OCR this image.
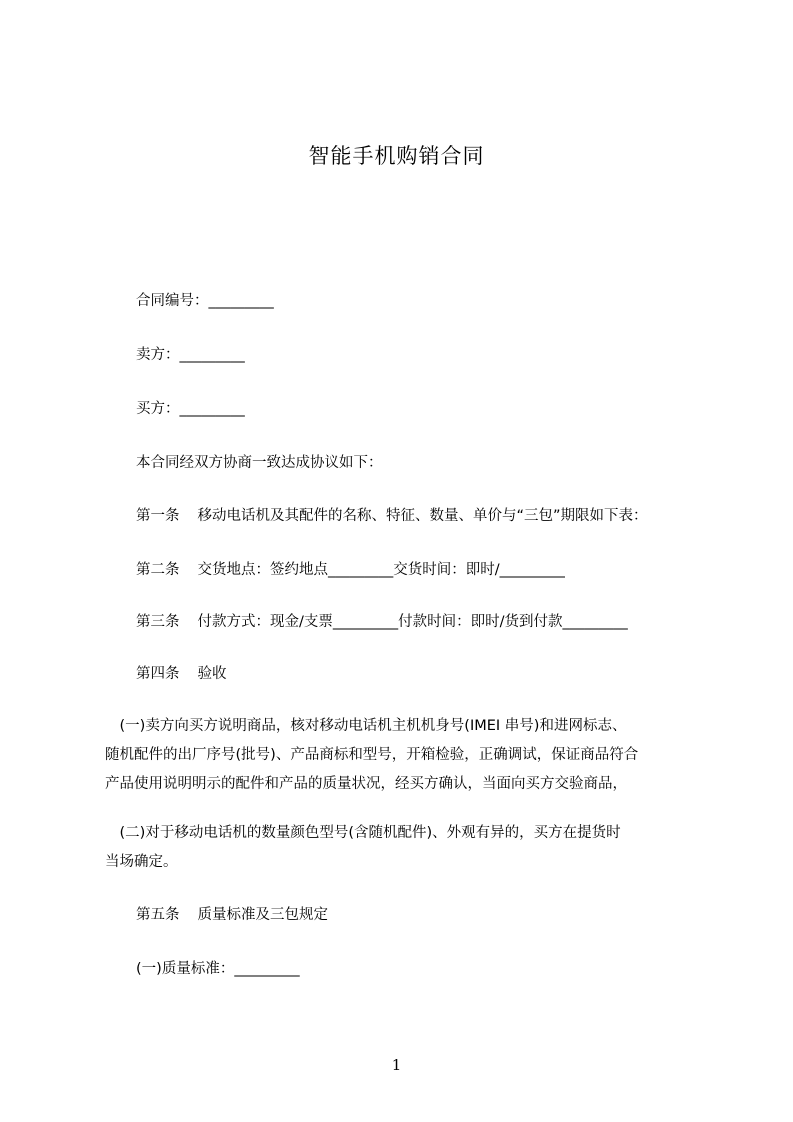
智能手机购销合同
合同编号：_________
卖方：_________
买方：_________
本合同经双方协商一致达成协议如下：
第一条 移动电话机及其配件的名称、特征、数量、单价与“三包”期限如下表：
第二条 交货地点：签约地点_________交货时间：即时/_________
第三条 付款方式：现金/支票_________付款时间：即时/货到付款_________
第四条 验收
　(一)卖方向买方说明商品，核对移动电话机主机机身号(IMEI 串号)和进网标志、
随机配件的出厂序号(批号)、产品商标和型号，开箱检验，正确调试，保证商品符合
产品使用说明明示的配件和产品的质量状况，经买方确认，当面向买方交验商品，
　(二)对于移动电话机的数量颜色型号(含随机配件)、外观有异的，买方在提货时
当场确定。
第五条 质量标准及三包规定
(一)质量标准：_________
1
